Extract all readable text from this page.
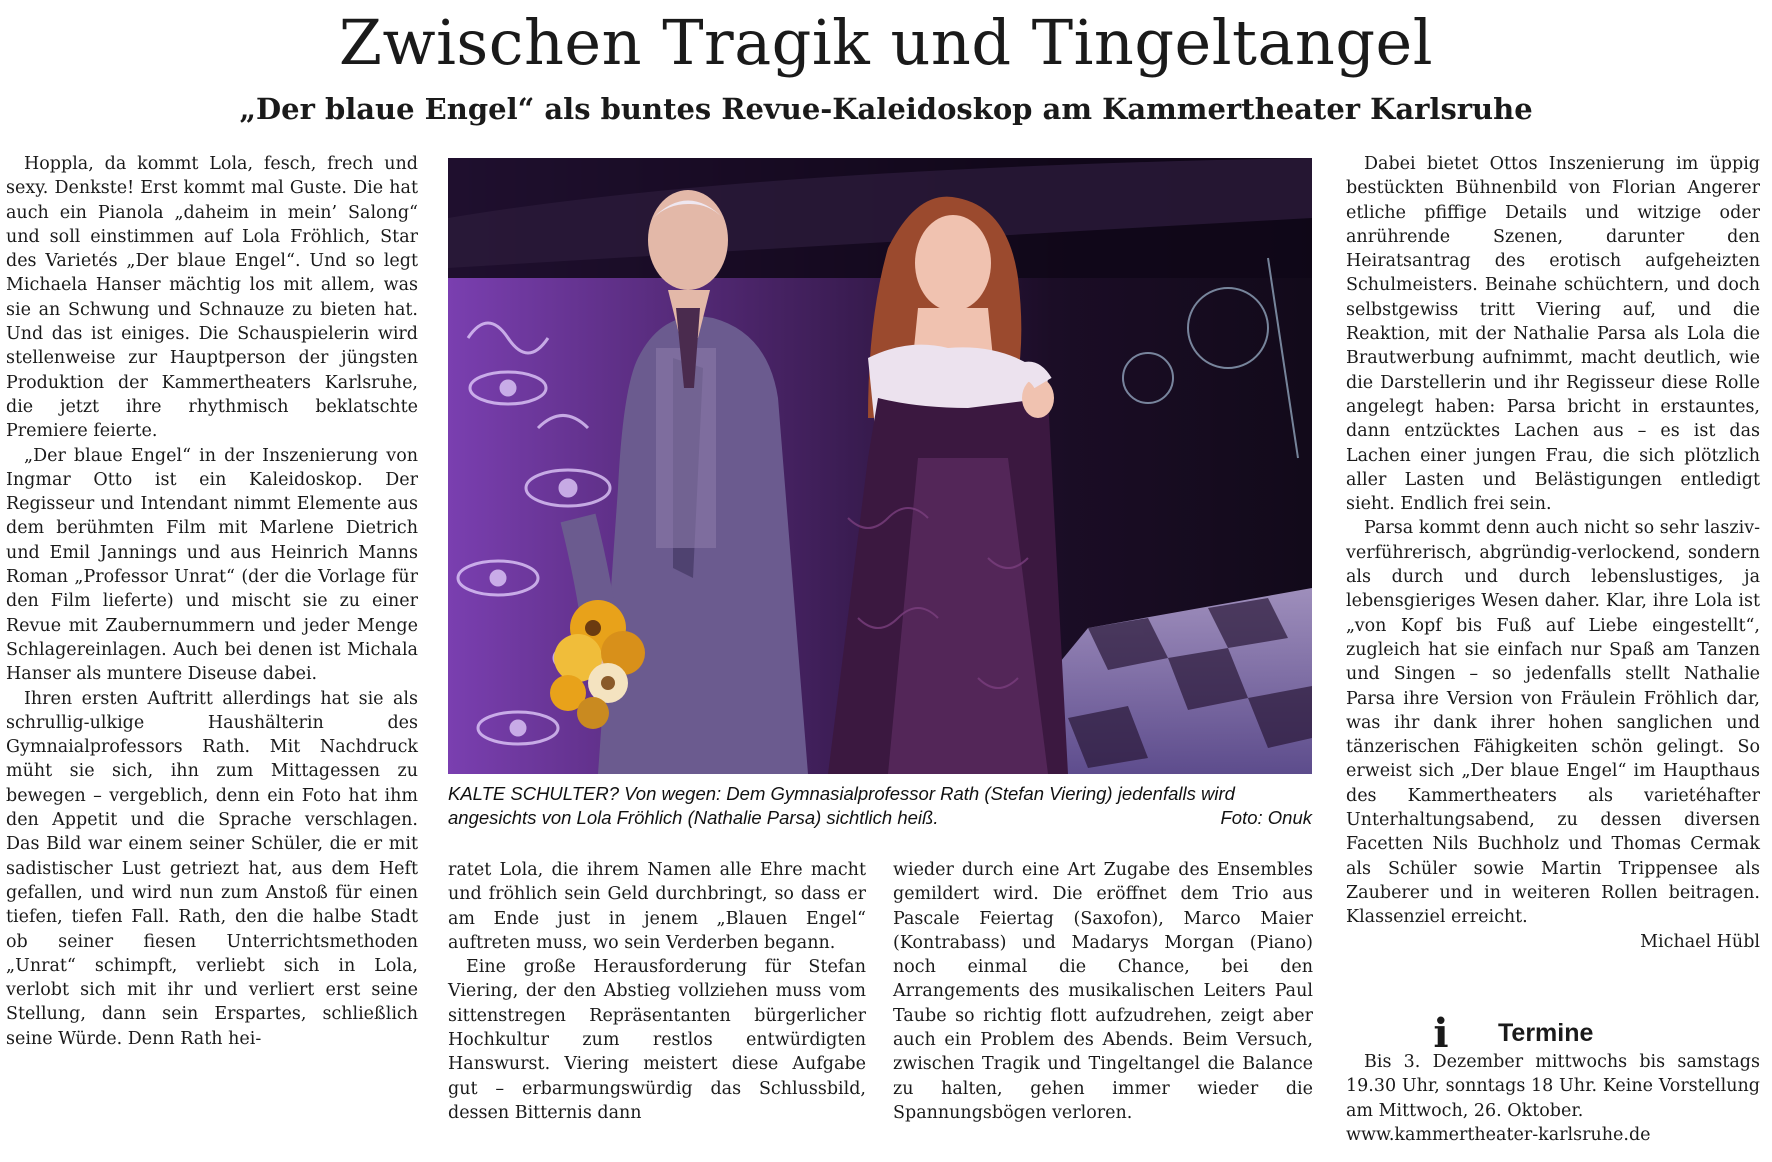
Zwischen Tragik und Tingeltangel
„Der blaue Engel“ als buntes Revue-Kaleidoskop am Kammertheater Karlsruhe

Hoppla, da kommt Lola, fesch, frech und sexy. Denkste! Erst kommt mal Guste. Die hat auch ein Pianola „daheim in mein’ Salong“ und soll einstimmen auf Lola Fröhlich, Star des Varietés „Der blaue Engel“. Und so legt Michaela Hanser mächtig los mit allem, was sie an Schwung und Schnauze zu bieten hat. Und das ist einiges. Die Schauspielerin wird stellenweise zur Hauptperson der jüngsten Produktion der Kammertheaters Karlsruhe, die jetzt ihre rhythmisch beklatschte Premiere feierte.

„Der blaue Engel“ in der Inszenierung von Ingmar Otto ist ein Kaleidoskop. Der Regisseur und Intendant nimmt Elemente aus dem berühmten Film mit Marlene Dietrich und Emil Jannings und aus Heinrich Manns Roman „Professor Unrat“ (der die Vorlage für den Film lieferte) und mischt sie zu einer Revue mit Zaubernummern und jeder Menge Schlagereinlagen. Auch bei denen ist Michala Hanser als muntere Diseuse dabei.

Ihren ersten Auftritt allerdings hat sie als schrullig-ulkige Haushälterin des Gymnaialprofessors Rath. Mit Nachdruck müht sie sich, ihn zum Mittagessen zu bewegen – vergeblich, denn ein Foto hat ihm den Appetit und die Sprache verschlagen. Das Bild war einem seiner Schüler, die er mit sadistischer Lust getriezt hat, aus dem Heft gefallen, und wird nun zum Anstoß für einen tiefen, tiefen Fall. Rath, den die halbe Stadt ob seiner fiesen Unterrichtsmethoden „Unrat“ schimpft, verliebt sich in Lola, verlobt sich mit ihr und verliert erst seine Stellung, dann sein Erspartes, schließlich seine Würde. Denn Rath hei-

KALTE SCHULTER? Von wegen: Dem Gymnasialprofessor Rath (Stefan Viering) jedenfalls wird angesichts von Lola Fröhlich (Nathalie Parsa) sichtlich heiß.	Foto: Onuk

ratet Lola, die ihrem Namen alle Ehre macht und fröhlich sein Geld durchbringt, so dass er am Ende just in jenem „Blauen Engel“ auftreten muss, wo sein Verderben begann.

Eine große Herausforderung für Stefan Viering, der den Abstieg vollziehen muss vom sittenstregen Repräsentanten bürgerlicher Hochkultur zum restlos entwürdigten Hanswurst. Viering meistert diese Aufgabe gut – erbarmungswürdig das Schlussbild, dessen Bitternis dann

wieder durch eine Art Zugabe des Ensembles gemildert wird. Die eröffnet dem Trio aus Pascale Feiertag (Saxofon), Marco Maier (Kontrabass) und Madarys Morgan (Piano) noch einmal die Chance, bei den Arrangements des musikalischen Leiters Paul Taube so richtig flott aufzudrehen, zeigt aber auch ein Problem des Abends. Beim Versuch, zwischen Tragik und Tingeltangel die Balance zu halten, gehen immer wieder die Spannungsbögen verloren.

Dabei bietet Ottos Inszenierung im üppig bestückten Bühnenbild von Florian Angerer etliche pfiffige Details und witzige oder anrührende Szenen, darunter den Heiratsantrag des erotisch aufgeheizten Schulmeisters. Beinahe schüchtern, und doch selbstgewiss tritt Viering auf, und die Reaktion, mit der Nathalie Parsa als Lola die Brautwerbung aufnimmt, macht deutlich, wie die Darstellerin und ihr Regisseur diese Rolle angelegt haben: Parsa bricht in erstauntes, dann entzücktes Lachen aus – es ist das Lachen einer jungen Frau, die sich plötzlich aller Lasten und Belästigungen entledigt sieht. Endlich frei sein.

Parsa kommt denn auch nicht so sehr lasziv-verführerisch, abgründig-verlockend, sondern als durch und durch lebenslustiges, ja lebensgieriges Wesen daher. Klar, ihre Lola ist „von Kopf bis Fuß auf Liebe eingestellt“, zugleich hat sie einfach nur Spaß am Tanzen und Singen – so jedenfalls stellt Nathalie Parsa ihre Version von Fräulein Fröhlich dar, was ihr dank ihrer hohen sanglichen und tänzerischen Fähigkeiten schön gelingt. So erweist sich „Der blaue Engel“ im Haupthaus des Kammertheaters als varietéhafter Unterhaltungsabend, zu dessen diversen Facetten Nils Buchholz und Thomas Cermak als Schüler sowie Martin Trippensee als Zauberer und in weiteren Rollen beitragen. Klassenziel erreicht.

Michael Hübl
i Termine

Bis 3. Dezember mittwochs bis samstags 19.30 Uhr, sonntags 18 Uhr. Keine Vorstellung am Mittwoch, 26. Oktober.

www.kammertheater-karlsruhe.de
